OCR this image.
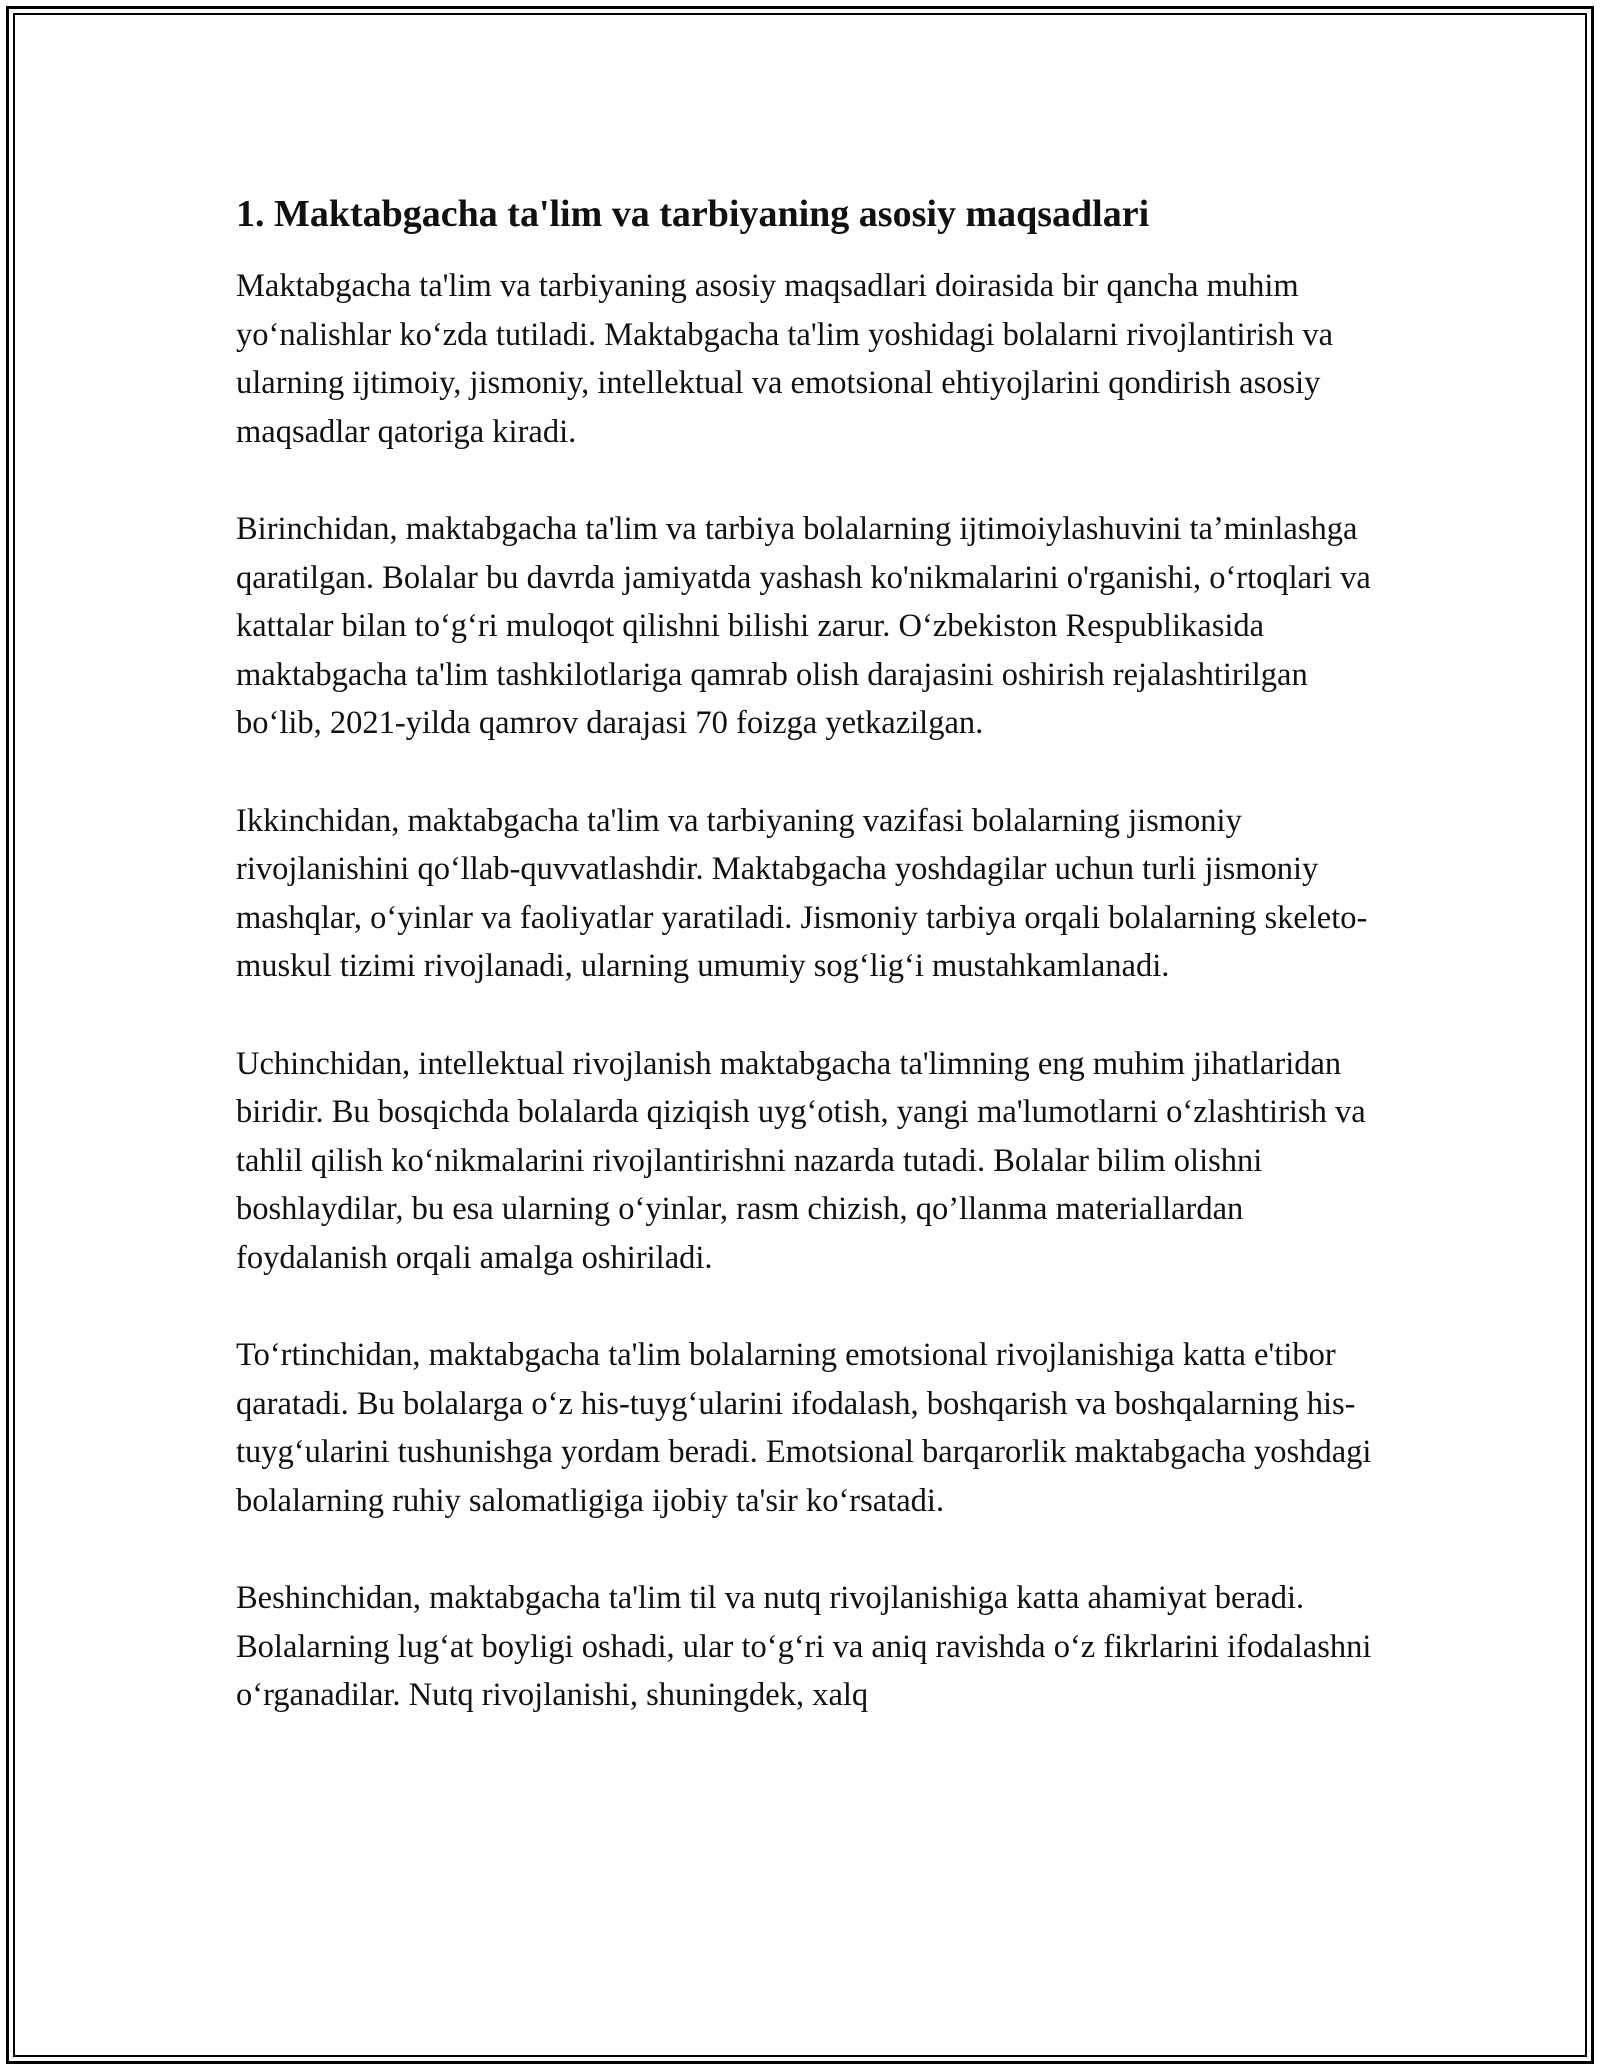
1. Maktabgacha ta'lim va tarbiyaning asosiy maqsadlari

Maktabgacha ta'lim va tarbiyaning asosiy maqsadlari doirasida bir qancha muhim yoʻnalishlar koʻzda tutiladi. Maktabgacha ta'lim yoshidagi bolalarni rivojlantirish va ularning ijtimoiy, jismoniy, intellektual va emotsional ehtiyojlarini qondirish asosiy maqsadlar qatoriga kiradi.

Birinchidan, maktabgacha ta'lim va tarbiya bolalarning ijtimoiylashuvini taʼminlashga qaratilgan. Bolalar bu davrda jamiyatda yashash ko'nikmalarini o'rganishi, oʻrtoqlari va kattalar bilan toʻgʻri muloqot qilishni bilishi zarur. Oʻzbekiston Respublikasida maktabgacha ta'lim tashkilotlariga qamrab olish darajasini oshirish rejalashtirilgan boʻlib, 2021-yilda qamrov darajasi 70 foizga yetkazilgan.

Ikkinchidan, maktabgacha ta'lim va tarbiyaning vazifasi bolalarning jismoniy rivojlanishini qoʻllab-quvvatlashdir. Maktabgacha yoshdagilar uchun turli jismoniy mashqlar, oʻyinlar va faoliyatlar yaratiladi. Jismoniy tarbiya orqali bolalarning skeleto-muskul tizimi rivojlanadi, ularning umumiy sogʻligʻi mustahkamlanadi.

Uchinchidan, intellektual rivojlanish maktabgacha ta'limning eng muhim jihatlaridan biridir. Bu bosqichda bolalarda qiziqish uygʻotish, yangi ma'lumotlarni oʻzlashtirish va tahlil qilish koʻnikmalarini rivojlantirishni nazarda tutadi. Bolalar bilim olishni boshlaydilar, bu esa ularning oʻyinlar, rasm chizish, qo’llanma materiallardan foydalanish orqali amalga oshiriladi.

Toʻrtinchidan, maktabgacha ta'lim bolalarning emotsional rivojlanishiga katta e'tibor qaratadi. Bu bolalarga oʻz his-tuygʻularini ifodalash, boshqarish va boshqalarning his-tuygʻularini tushunishga yordam beradi. Emotsional barqarorlik maktabgacha yoshdagi bolalarning ruhiy salomatligiga ijobiy ta'sir koʻrsatadi.

Beshinchidan, maktabgacha ta'lim til va nutq rivojlanishiga katta ahamiyat beradi. Bolalarning lugʻat boyligi oshadi, ular toʻgʻri va aniq ravishda oʻz fikrlarini ifodalashni oʻrganadilar. Nutq rivojlanishi, shuningdek, xalq
